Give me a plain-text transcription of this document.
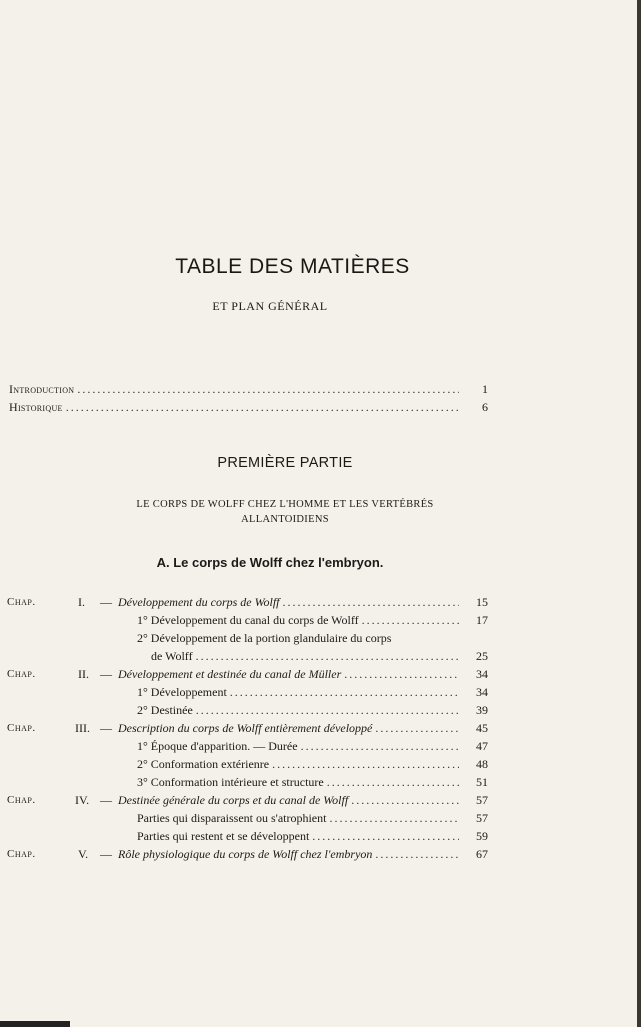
TABLE DES MATIÈRES
ET PLAN GÉNÉRAL
Introduction .....	1
Historique .....	6
PREMIÈRE PARTIE
LE CORPS DE WOLFF CHEZ L'HOMME ET LES VERTÉBRÉS
ALLANTOIDIENS
A. Le corps de Wolff chez l'embryon.
Chap.	I. — Développement du corps de Wolff .....	15
1° Développement du canal du corps de Wolff .....	17
2° Développement de la portion glandulaire du corps
de Wolff .....	25
Chap.	II. — Développement et destinée du canal de Müller .....	34
1° Développement .....	34
2° Destinée .....	39
Chap.	III. — Description du corps de Wolff entièrement développé .....	45
1° Époque d'apparition. — Durée .....	47
2° Conformation extérienre .....	48
3° Conformation intérieure et structure .....	51
Chap.	IV. — Destinée générale du corps et du canal de Wolff .....	57
Parties qui disparaissent ou s'atrophient .....	57
Parties qui restent et se développent .....	59
Chap.	V. — Rôle physiologique du corps de Wolff chez l'embryon .....	67
